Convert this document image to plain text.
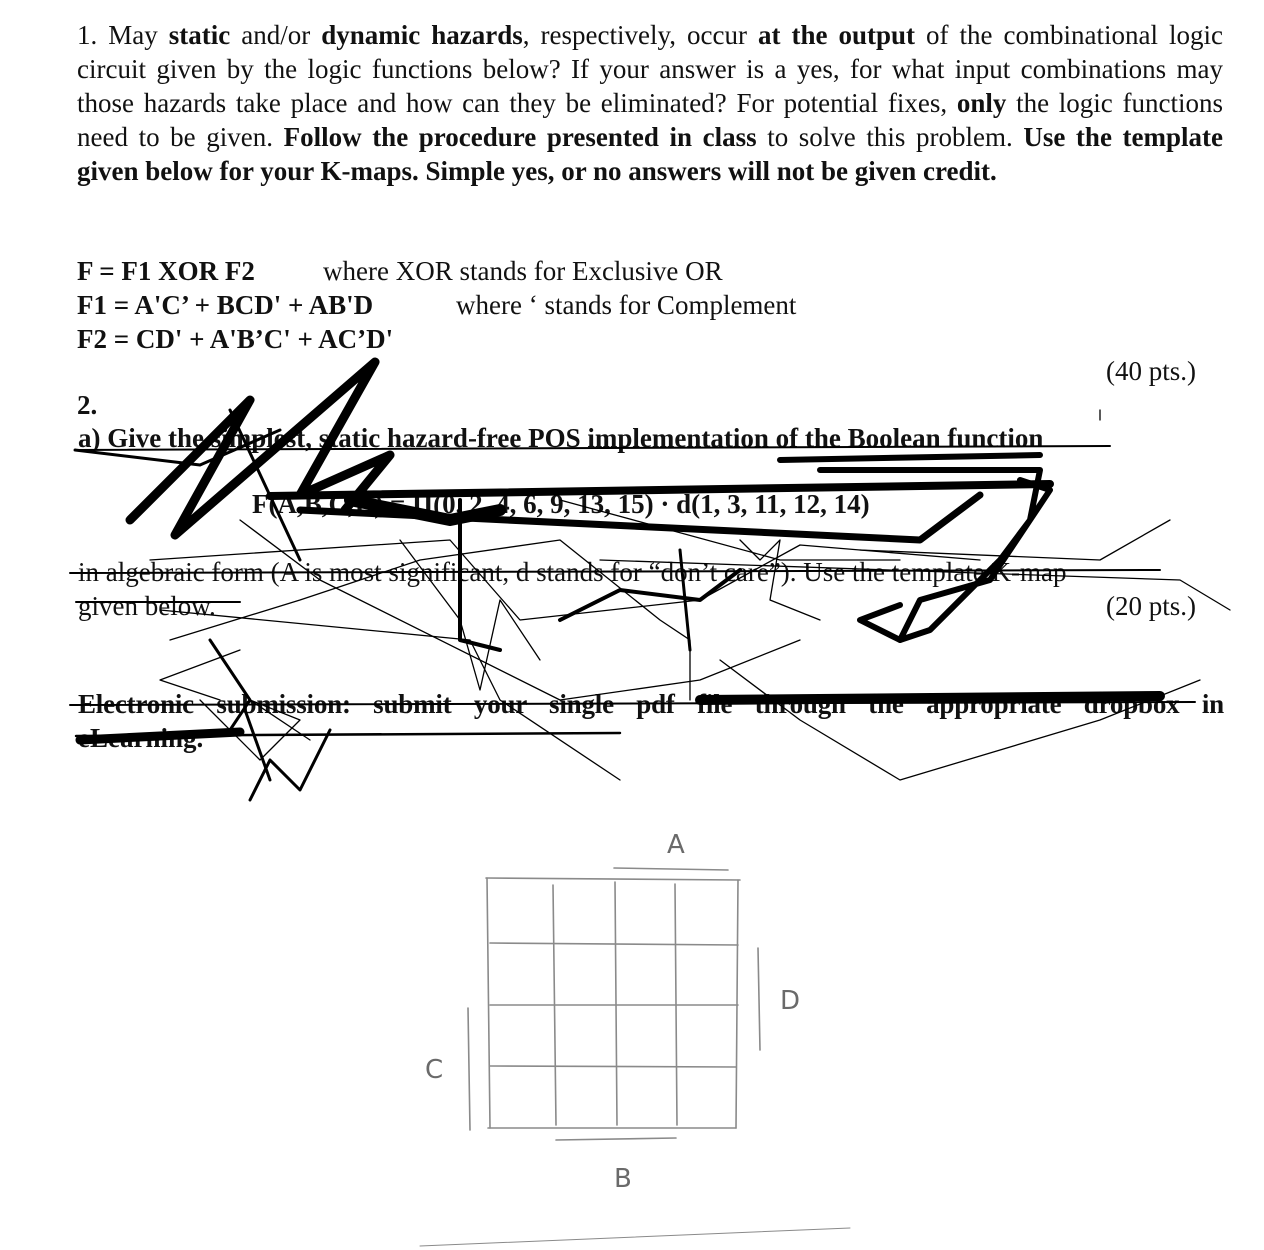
1. May static and/or dynamic hazards, respectively, occur at the output of the combinational logic circuit given by the logic functions below? If your answer is a yes, for what input combinations may those hazards take place and how can they be eliminated? For potential fixes, only the logic functions need to be given. Follow the procedure presented in class to solve this problem. Use the template given below for your K-maps. Simple yes, or no answers will not be given credit.

F = F1 XOR F2	where XOR stands for Exclusive OR
F1 = A'C’ + BCD' + AB'D	where ‘ stands for Complement
F2 = CD' + A'B’C' + AC’D'
(40 pts.)
2.
a) Give the simplest, static hazard-free POS implementation of the Boolean function
F(A,B,C,D) = Π(0, 2, 4, 6, 9, 13, 15) · d(1, 3, 11, 12, 14)
in algebraic form (A is most significant, d stands for “don’t care”). Use the template K-map
given below.	(20 pts.)
Electronic submission: submit your single pdf file through the appropriate dropbox in
eLearning.
A
B
C
D
